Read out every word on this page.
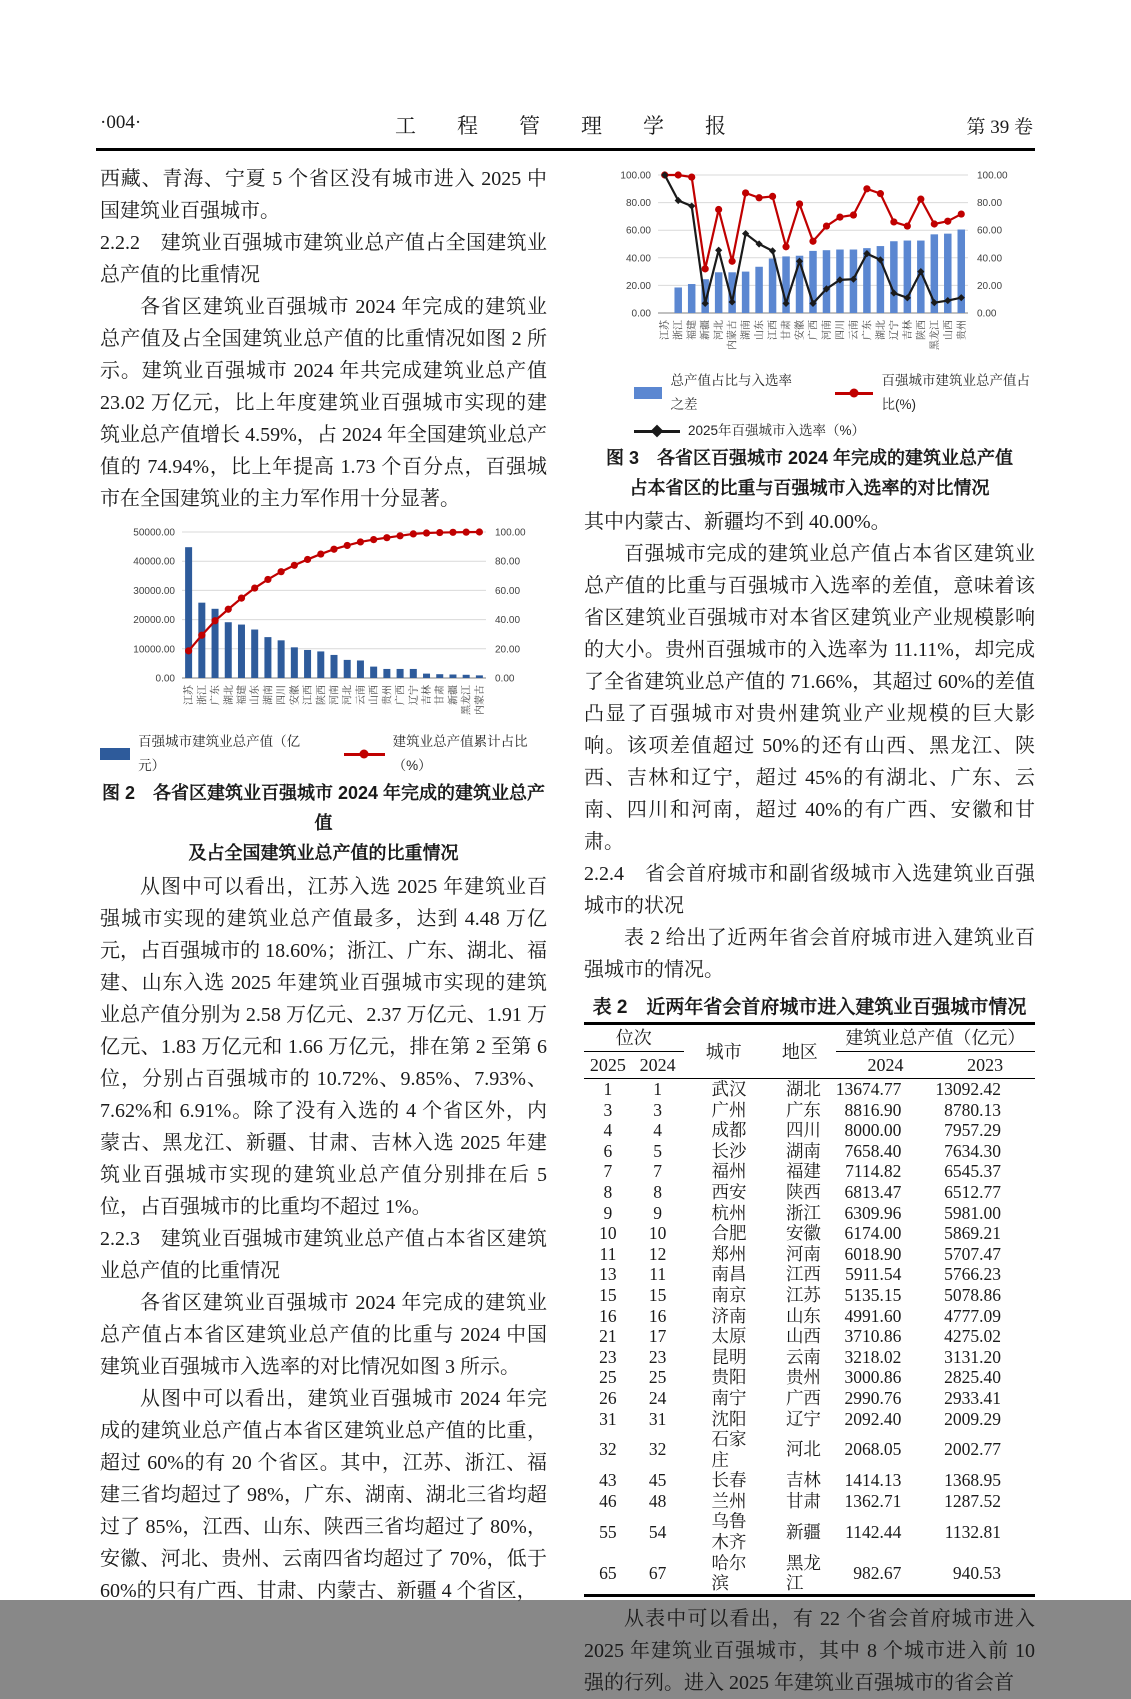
·004·	工　程　管　理　学　报	第 39 卷

西藏、青海、宁夏 5 个省区没有城市进入 2025 中国建筑业百强城市。

2.2.2　建筑业百强城市建筑业总产值占全国建筑业总产值的比重情况

各省区建筑业百强城市 2024 年完成的建筑业总产值及占全国建筑业总产值的比重情况如图 2 所示。建筑业百强城市 2024 年共完成建筑业总产值 23.02 万亿元，比上年度建筑业百强城市实现的建筑业总产值增长 4.59%，占 2024 年全国建筑业总产值的 74.94%，比上年提高 1.73 个百分点，百强城市在全国建筑业的主力军作用十分显著。

0.00	0.00
10000.00	20.00
20000.00	40.00
30000.00	60.00
40000.00	80.00
50000.00	100.00
江苏 浙江 广东 湖北 福建 山东 湖南 四川 安徽 江西 陕西 河南 河北 云南 山西 贵州 广西 辽宁 吉林 甘肃 新疆 黑龙江 内蒙古
百强城市建筑业总产值（亿元）
建筑业总产值累计占比（%）

图 2　各省区建筑业百强城市 2024 年完成的建筑业总产值

及占全国建筑业总产值的比重情况

从图中可以看出，江苏入选 2025 年建筑业百强城市实现的建筑业总产值最多，达到 4.48 万亿元，占百强城市的 18.60%；浙江、广东、湖北、福建、山东入选 2025 年建筑业百强城市实现的建筑业总产值分别为 2.58 万亿元、2.37 万亿元、1.91 万亿元、1.83 万亿元和 1.66 万亿元，排在第 2 至第 6 位，分别占百强城市的 10.72%、9.85%、7.93%、7.62%和 6.91%。除了没有入选的 4 个省区外，内蒙古、黑龙江、新疆、甘肃、吉林入选 2025 年建筑业百强城市实现的建筑业总产值分别排在后 5 位，占百强城市的比重均不超过 1%。

2.2.3　建筑业百强城市建筑业总产值占本省区建筑业总产值的比重情况

各省区建筑业百强城市 2024 年完成的建筑业总产值占本省区建筑业总产值的比重与 2024 中国建筑业百强城市入选率的对比情况如图 3 所示。

从图中可以看出，建筑业百强城市 2024 年完成的建筑业总产值占本省区建筑业总产值的比重，超过 60%的有 20 个省区。其中，江苏、浙江、福建三省均超过了 98%，广东、湖南、湖北三省均超过了 85%，江西、山东、陕西三省均超过了 80%，安徽、河北、贵州、云南四省均超过了 70%，低于 60%的只有广西、甘肃、内蒙古、新疆 4 个省区，

0.00	0.00
20.00	20.00
40.00	40.00
60.00	60.00
80.00	80.00
100.00	100.00
江苏 浙江 福建 新疆 河北 内蒙古 湖南 山东 江西 甘肃 安徽 广西 河南 四川 云南 广东 湖北 辽宁 吉林 陕西 黑龙江 山西 贵州
总产值占比与入选率之差
百强城市建筑业总产值占比(%)
2025年百强城市入选率（%）

图 3　各省区百强城市 2024 年完成的建筑业总产值

占本省区的比重与百强城市入选率的对比情况

其中内蒙古、新疆均不到 40.00%。

百强城市完成的建筑业总产值占本省区建筑业总产值的比重与百强城市入选率的差值，意味着该省区建筑业百强城市对本省区建筑业产业规模影响的大小。贵州百强城市的入选率为 11.11%，却完成了全省建筑业总产值的 71.66%，其超过 60%的差值凸显了百强城市对贵州建筑业产业规模的巨大影响。该项差值超过 50%的还有山西、黑龙江、陕西、吉林和辽宁，超过 45%的有湖北、广东、云南、四川和河南，超过 40%的有广西、安徽和甘肃。

2.2.4　省会首府城市和副省级城市入选建筑业百强城市的状况

表 2 给出了近两年省会首府城市进入建筑业百强城市的情况。

表 2　近两年省会首府城市进入建筑业百强城市情况
位次		城市	地区	建筑业总产值（亿元）	
2025	2024			2024	2023
1	1	武汉	湖北	13674.77	13092.42
3	3	广州	广东	8816.90	8780.13
4	4	成都	四川	8000.00	7957.29
6	5	长沙	湖南	7658.40	7634.30
7	7	福州	福建	7114.82	6545.37
8	8	西安	陕西	6813.47	6512.77
9	9	杭州	浙江	6309.96	5981.00
10	10	合肥	安徽	6174.00	5869.21
11	12	郑州	河南	6018.90	5707.47
13	11	南昌	江西	5911.54	5766.23
15	15	南京	江苏	5135.15	5078.86
16	16	济南	山东	4991.60	4777.09
21	17	太原	山西	3710.86	4275.02
23	23	昆明	云南	3218.02	3131.20
25	25	贵阳	贵州	3000.86	2825.40
26	24	南宁	广西	2990.76	2933.41
31	31	沈阳	辽宁	2092.40	2009.29
32	32	石家庄	河北	2068.05	2002.77
43	45	长春	吉林	1414.13	1368.95
46	48	兰州	甘肃	1362.71	1287.52
55	54	乌鲁木齐	新疆	1142.44	1132.81
65	67	哈尔滨	黑龙江	982.67	940.53

从表中可以看出，有 22 个省会首府城市进入 2025 年建筑业百强城市，其中 8 个城市进入前 10 强的行列。进入 2025 年建筑业百强城市的省会首
